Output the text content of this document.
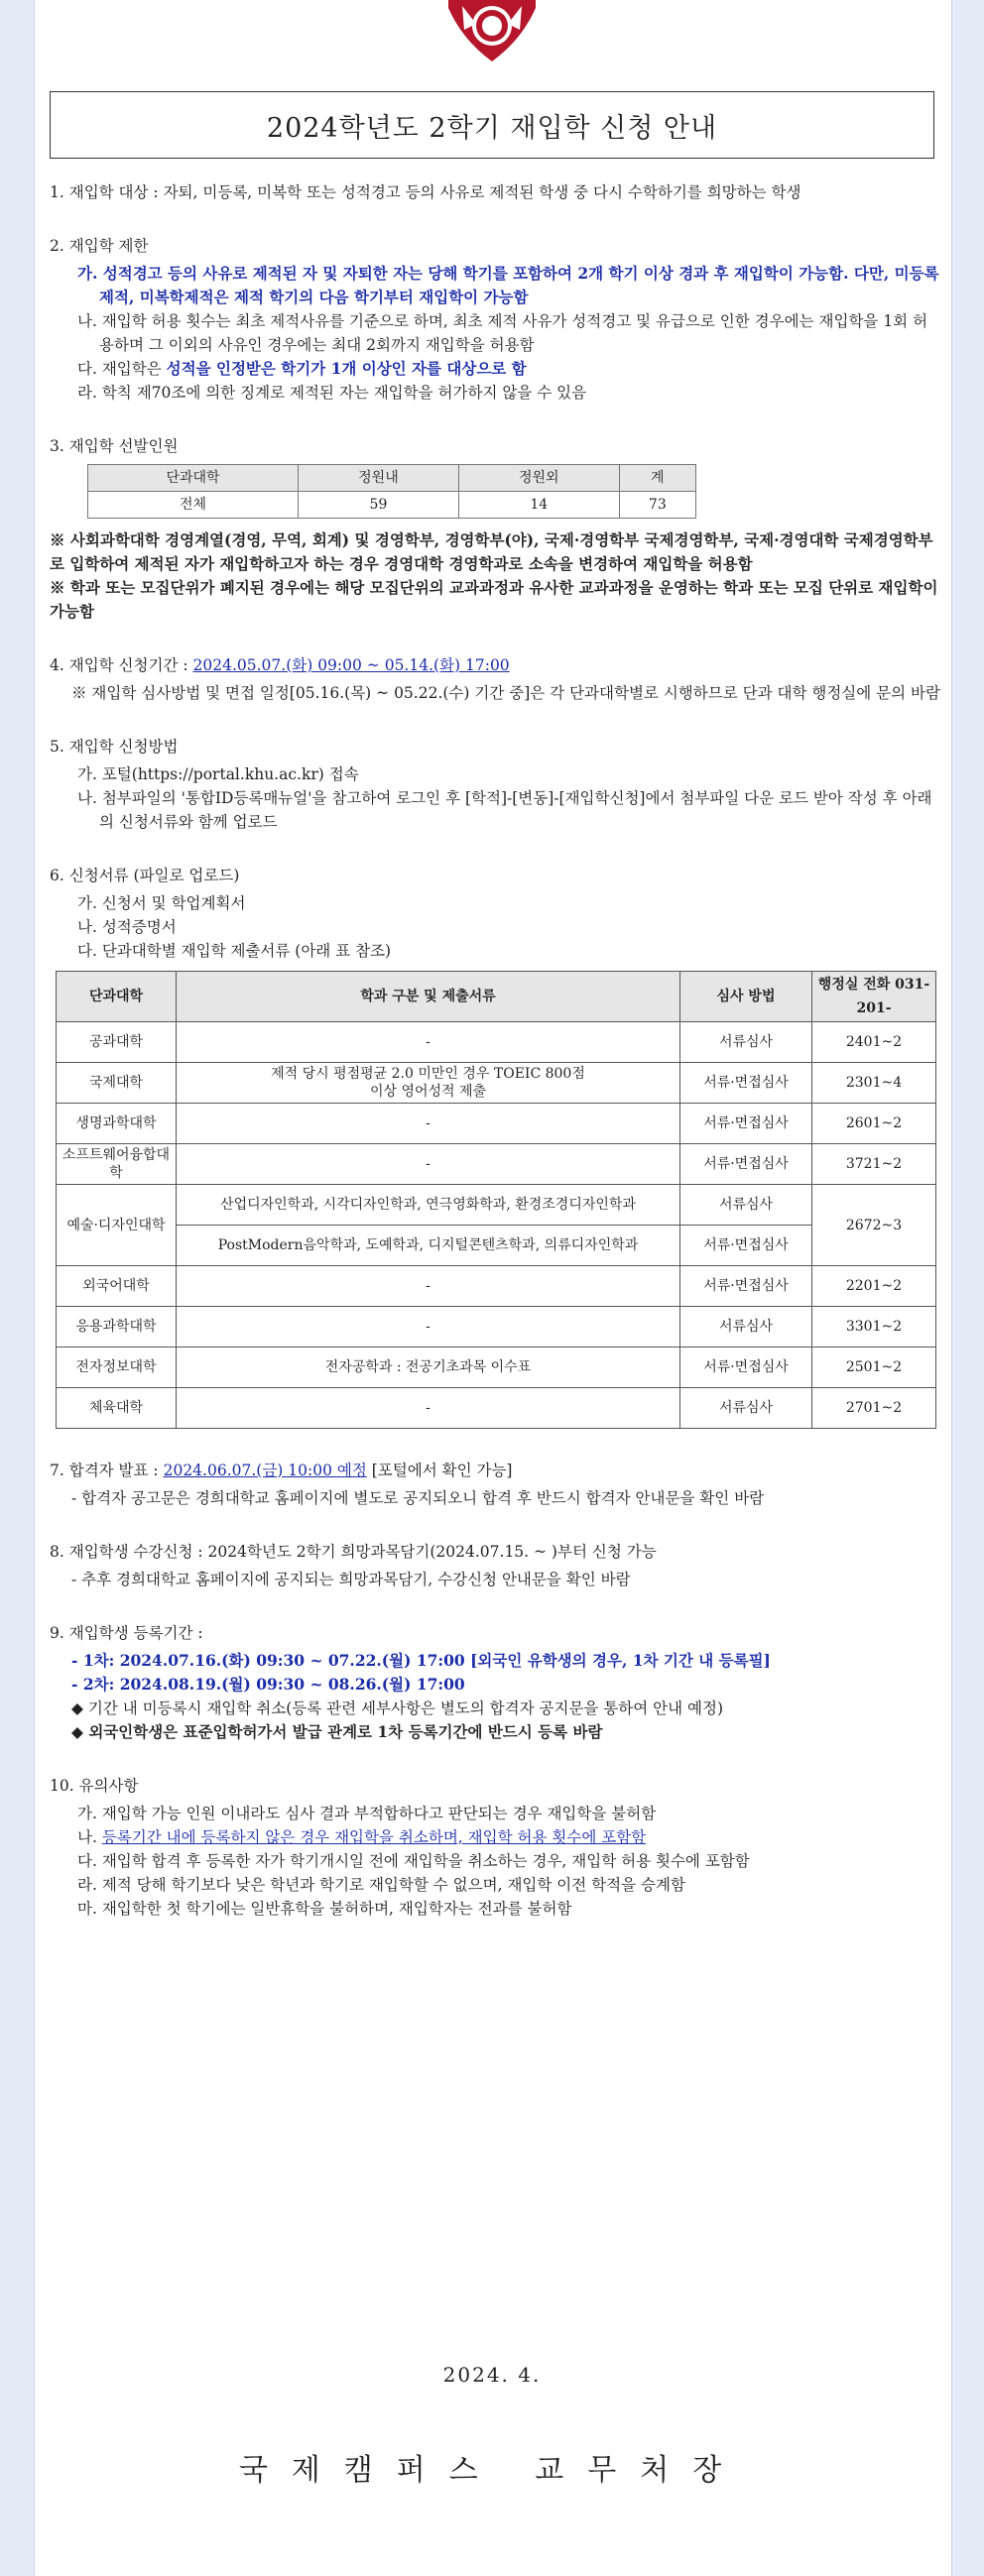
2024학년도 2학기 재입학 신청 안내
1. 재입학 대상 : 자퇴, 미등록, 미복학 또는 성적경고 등의 사유로 제적된 학생 중 다시 수학하기를 희망하는 학생
2. 재입학 제한
가. 성적경고 등의 사유로 제적된 자 및 자퇴한 자는 당해 학기를 포함하여 2개 학기 이상 경과 후 재입학이 가능함. 다만, 미등록제적, 미복학제적은 제적 학기의 다음 학기부터 재입학이 가능함
나. 재입학 허용 횟수는 최초 제적사유를 기준으로 하며, 최초 제적 사유가 성적경고 및 유급으로 인한 경우에는 재입학을 1회 허용하며 그 이외의 사유인 경우에는 최대 2회까지 재입학을 허용함
다. 재입학은 성적을 인정받은 학기가 1개 이상인 자를 대상으로 함
라. 학칙 제70조에 의한 징계로 제적된 자는 재입학을 허가하지 않을 수 있음
3. 재입학 선발인원
단과대학	정원내	정원외	계
전체	59	14	73
※ 사회과학대학 경영계열(경영, 무역, 회계) 및 경영학부, 경영학부(야), 국제·경영학부 국제경영학부, 국제·경영대학 국제경영학부로 입학하여 제적된 자가 재입학하고자 하는 경우 경영대학 경영학과로 소속을 변경하여 재입학을 허용함
※ 학과 또는 모집단위가 폐지된 경우에는 해당 모집단위의 교과과정과 유사한 교과과정을 운영하는 학과 또는 모집 단위로 재입학이 가능함
4. 재입학 신청기간 : 2024.05.07.(화) 09:00 ~ 05.14.(화) 17:00
※ 재입학 심사방법 및 면접 일정[05.16.(목) ~ 05.22.(수) 기간 중]은 각 단과대학별로 시행하므로 단과 대학 행정실에 문의 바람
5. 재입학 신청방법
가. 포털(https://portal.khu.ac.kr) 접속
나. 첨부파일의 '통합ID등록매뉴얼'을 참고하여 로그인 후 [학적]-[변동]-[재입학신청]에서 첨부파일 다운 로드 받아 작성 후 아래의 신청서류와 함께 업로드
6. 신청서류 (파일로 업로드)
가. 신청서 및 학업계획서
나. 성적증명서
다. 단과대학별 재입학 제출서류 (아래 표 참조)
단과대학	학과 구분 및 제출서류	심사 방법	행정실 전화 031-201-
공과대학	-	서류심사	2401~2
국제대학	제적 당시 평점평균 2.0 미만인 경우 TOEIC 800점 이상 영어성적 제출	서류·면접심사	2301~4
생명과학대학	-	서류·면접심사	2601~2
소프트웨어융합대학	-	서류·면접심사	3721~2
예술·디자인대학	산업디자인학과, 시각디자인학과, 연극영화학과, 환경조경디자인학과	서류심사	2672~3
	PostModern음악학과, 도예학과, 디지털콘텐츠학과, 의류디자인학과	서류·면접심사	
외국어대학	-	서류·면접심사	2201~2
응용과학대학	-	서류심사	3301~2
전자정보대학	전자공학과 : 전공기초과목 이수표	서류·면접심사	2501~2
체육대학	-	서류심사	2701~2
7. 합격자 발표 : 2024.06.07.(금) 10:00 예정 [포털에서 확인 가능]
- 합격자 공고문은 경희대학교 홈페이지에 별도로 공지되오니 합격 후 반드시 합격자 안내문을 확인 바람
8. 재입학생 수강신청 : 2024학년도 2학기 희망과목담기(2024.07.15. ~ )부터 신청 가능
- 추후 경희대학교 홈페이지에 공지되는 희망과목담기, 수강신청 안내문을 확인 바람
9. 재입학생 등록기간 :
- 1차: 2024.07.16.(화) 09:30 ~ 07.22.(월) 17:00 [외국인 유학생의 경우, 1차 기간 내 등록필]
- 2차: 2024.08.19.(월) 09:30 ~ 08.26.(월) 17:00
◆ 기간 내 미등록시 재입학 취소(등록 관련 세부사항은 별도의 합격자 공지문을 통하여 안내 예정)
◆ 외국인학생은 표준입학허가서 발급 관계로 1차 등록기간에 반드시 등록 바람
10. 유의사항
가. 재입학 가능 인원 이내라도 심사 결과 부적합하다고 판단되는 경우 재입학을 불허함
나. 등록기간 내에 등록하지 않은 경우 재입학을 취소하며, 재입학 허용 횟수에 포함함
다. 재입학 합격 후 등록한 자가 학기개시일 전에 재입학을 취소하는 경우, 재입학 허용 횟수에 포함함
라. 제적 당해 학기보다 낮은 학년과 학기로 재입학할 수 없으며, 재입학 이전 학적을 승계함
마. 재입학한 첫 학기에는 일반휴학을 불허하며, 재입학자는 전과를 불허함
2024. 4.
국제캠퍼스 교무처장
